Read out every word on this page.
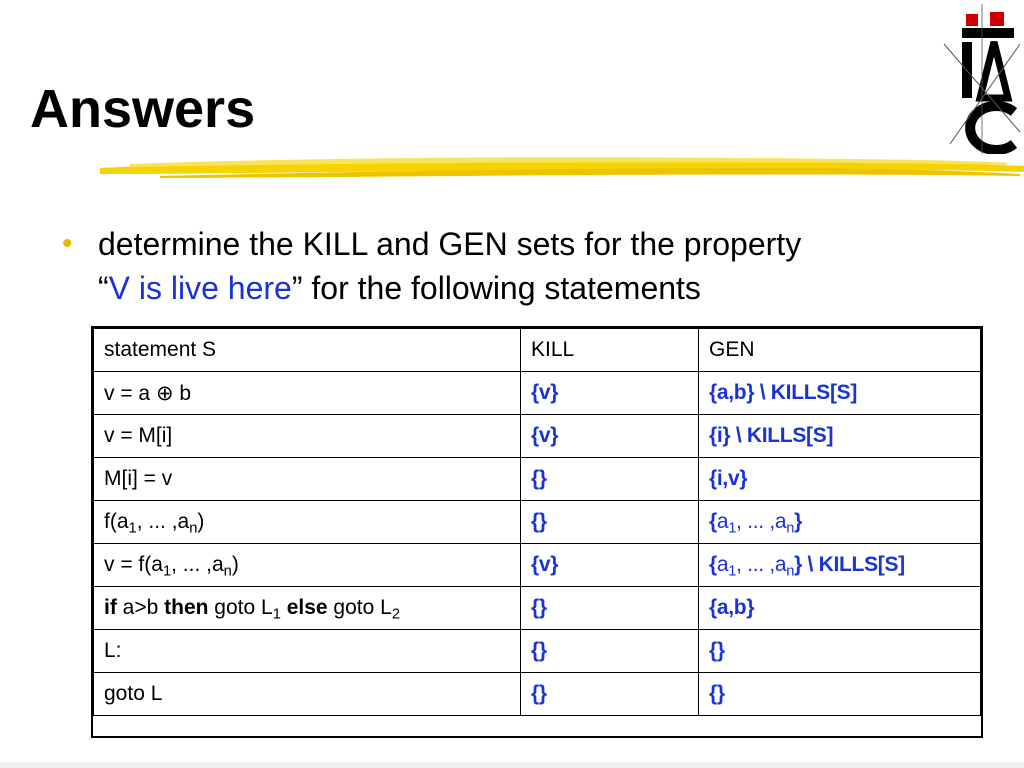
Answers
• determine the KILL and GEN sets for the property
“V is live here” for the following statements
statement S	KILL	GEN
v = a ⊕ b	{v}	{a,b} \ KILLS[S]
v = M[i]	{v}	{i} \ KILLS[S]
M[i] = v	{}	{i,v}
$f(a_1$, ... $,a_n$)	{}	{$a_1$, ... $,a_n$}
$v = f(a_1$, ... $,a_n$)	{v}	{$a_1$, ... $,a_n$} \ KILLS[S]
if a>b then goto $L_1$ else goto $L_2$	{}	{a,b}
L:	{}	{}
goto L	{}	{}
